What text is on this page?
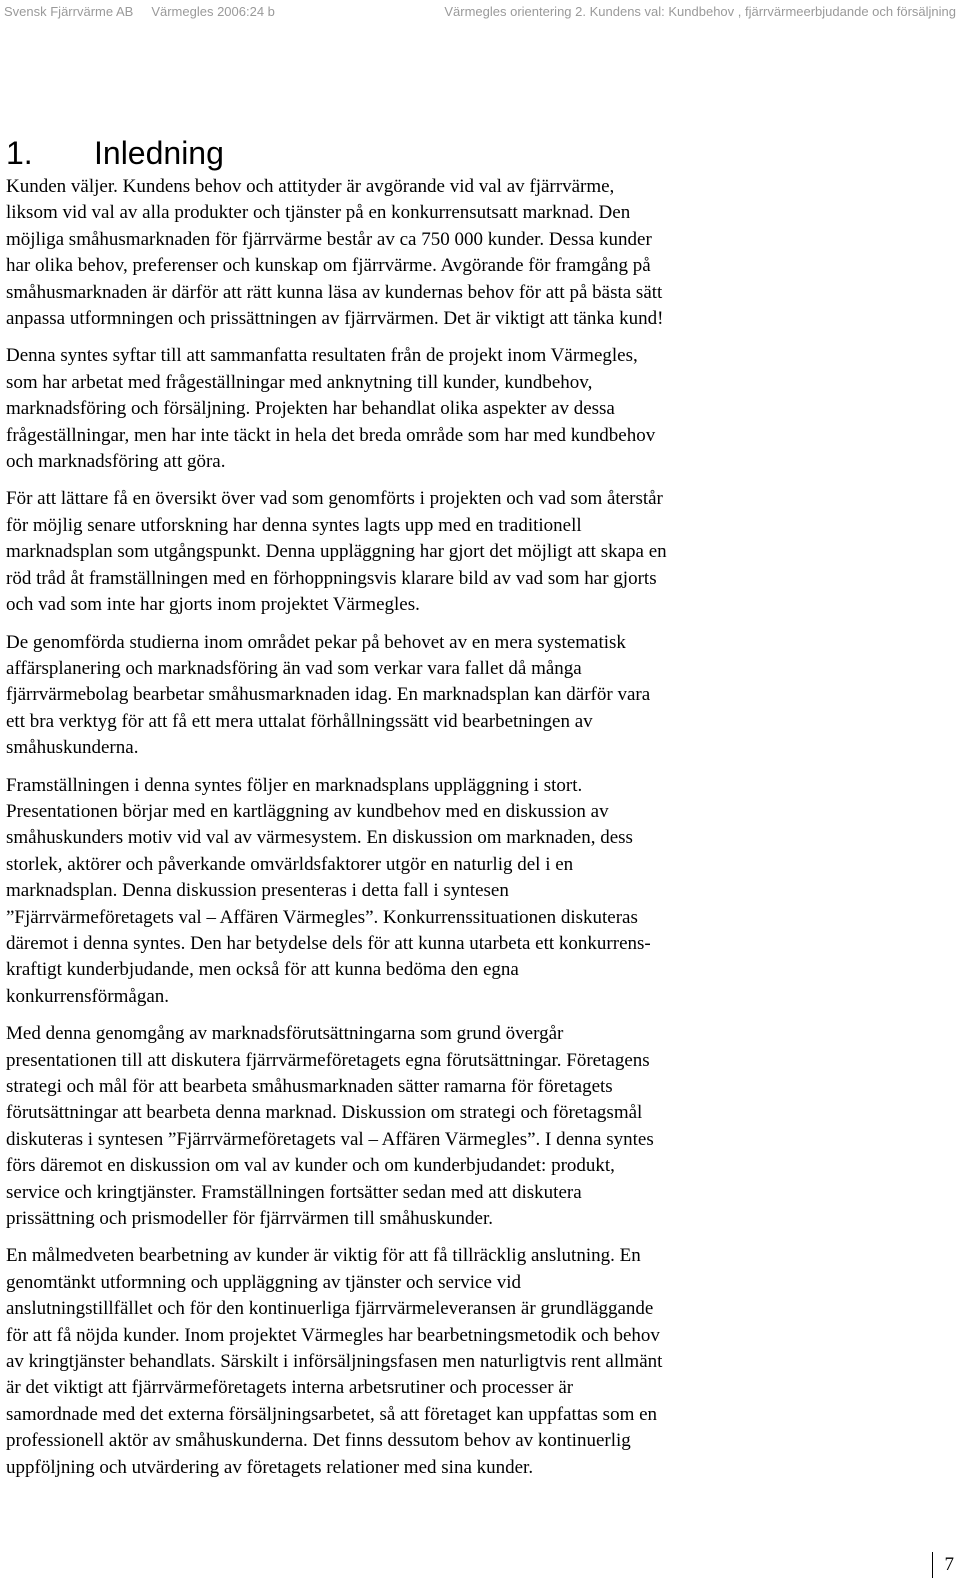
Svensk Fjärrvärme AB Värmegles 2006:24 b	Värmegles orientering 2. Kundens val: Kundbehov , fjärrvärmeerbjudande och försäljning
1. Inledning

Kunden väljer. Kundens behov och attityder är avgörande vid val av fjärrvärme,
liksom vid val av alla produkter och tjänster på en konkurrensutsatt marknad. Den
möjliga småhusmarknaden för fjärrvärme består av ca 750 000 kunder. Dessa kunder
har olika behov, preferenser och kunskap om fjärrvärme. Avgörande för framgång på
småhusmarknaden är därför att rätt kunna läsa av kundernas behov för att på bästa sätt
anpassa utformningen och prissättningen av fjärrvärmen. Det är viktigt att tänka kund!

Denna syntes syftar till att sammanfatta resultaten från de projekt inom Värmegles,
som har arbetat med frågeställningar med anknytning till kunder, kundbehov,
marknadsföring och försäljning. Projekten har behandlat olika aspekter av dessa
frågeställningar, men har inte täckt in hela det breda område som har med kundbehov
och marknadsföring att göra.

För att lättare få en översikt över vad som genomförts i projekten och vad som återstår
för möjlig senare utforskning har denna syntes lagts upp med en traditionell
marknadsplan som utgångspunkt. Denna uppläggning har gjort det möjligt att skapa en
röd tråd åt framställningen med en förhoppningsvis klarare bild av vad som har gjorts
och vad som inte har gjorts inom projektet Värmegles.

De genomförda studierna inom området pekar på behovet av en mera systematisk
affärsplanering och marknadsföring än vad som verkar vara fallet då många
fjärrvärmebolag bearbetar småhusmarknaden idag. En marknadsplan kan därför vara
ett bra verktyg för att få ett mera uttalat förhållningssätt vid bearbetningen av
småhuskunderna.

Framställningen i denna syntes följer en marknadsplans uppläggning i stort.
Presentationen börjar med en kartläggning av kundbehov med en diskussion av
småhuskunders motiv vid val av värmesystem. En diskussion om marknaden, dess
storlek, aktörer och påverkande omvärldsfaktorer utgör en naturlig del i en
marknadsplan. Denna diskussion presenteras i detta fall i syntesen
”Fjärrvärmeföretagets val – Affären Värmegles”. Konkurrenssituationen diskuteras
däremot i denna syntes. Den har betydelse dels för att kunna utarbeta ett konkurrens-
kraftigt kunderbjudande, men också för att kunna bedöma den egna
konkurrensförmågan.

Med denna genomgång av marknadsförutsättningarna som grund övergår
presentationen till att diskutera fjärrvärmeföretagets egna förutsättningar. Företagens
strategi och mål för att bearbeta småhusmarknaden sätter ramarna för företagets
förutsättningar att bearbeta denna marknad. Diskussion om strategi och företagsmål
diskuteras i syntesen ”Fjärrvärmeföretagets val – Affären Värmegles”. I denna syntes
förs däremot en diskussion om val av kunder och om kunderbjudandet: produkt,
service och kringtjänster. Framställningen fortsätter sedan med att diskutera
prissättning och prismodeller för fjärrvärmen till småhuskunder.

En målmedveten bearbetning av kunder är viktig för att få tillräcklig anslutning. En
genomtänkt utformning och uppläggning av tjänster och service vid
anslutningstillfället och för den kontinuerliga fjärrvärmeleveransen är grundläggande
för att få nöjda kunder. Inom projektet Värmegles har bearbetningsmetodik och behov
av kringtjänster behandlats. Särskilt i införsäljningsfasen men naturligtvis rent allmänt
är det viktigt att fjärrvärmeföretagets interna arbetsrutiner och processer är
samordnade med det externa försäljningsarbetet, så att företaget kan uppfattas som en
professionell aktör av småhuskunderna. Det finns dessutom behov av kontinuerlig
uppföljning och utvärdering av företagets relationer med sina kunder.

7
